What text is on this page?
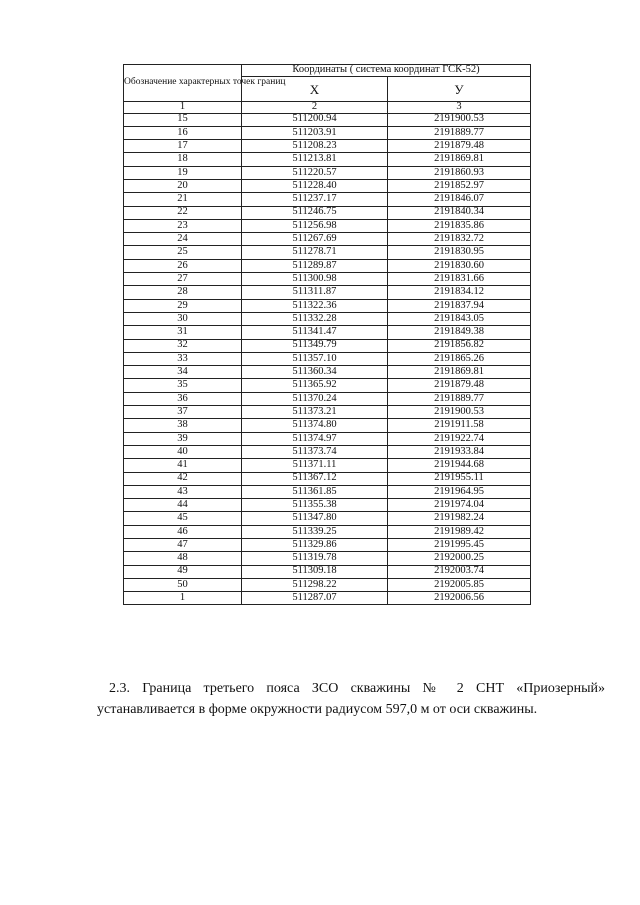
Обозначение характерных точек границ	Координаты ( система координат ГСК-52)	
	Х	У
1	2	3
15	511200.94	2191900.53
16	511203.91	2191889.77
17	511208.23	2191879.48
18	511213.81	2191869.81
19	511220.57	2191860.93
20	511228.40	2191852.97
21	511237.17	2191846.07
22	511246.75	2191840.34
23	511256.98	2191835.86
24	511267.69	2191832.72
25	511278.71	2191830.95
26	511289.87	2191830.60
27	511300.98	2191831.66
28	511311.87	2191834.12
29	511322.36	2191837.94
30	511332.28	2191843.05
31	511341.47	2191849.38
32	511349.79	2191856.82
33	511357.10	2191865.26
34	511360.34	2191869.81
35	511365.92	2191879.48
36	511370.24	2191889.77
37	511373.21	2191900.53
38	511374.80	2191911.58
39	511374.97	2191922.74
40	511373.74	2191933.84
41	511371.11	2191944.68
42	511367.12	2191955.11
43	511361.85	2191964.95
44	511355.38	2191974.04
45	511347.80	2191982.24
46	511339.25	2191989.42
47	511329.86	2191995.45
48	511319.78	2192000.25
49	511309.18	2192003.74
50	511298.22	2192005.85
1	511287.07	2192006.56

2.3. Граница третьего пояса ЗСО скважины № 2 СНТ «Приозерный» устанавливается в форме окружности радиусом 597,0 м от оси скважины.
